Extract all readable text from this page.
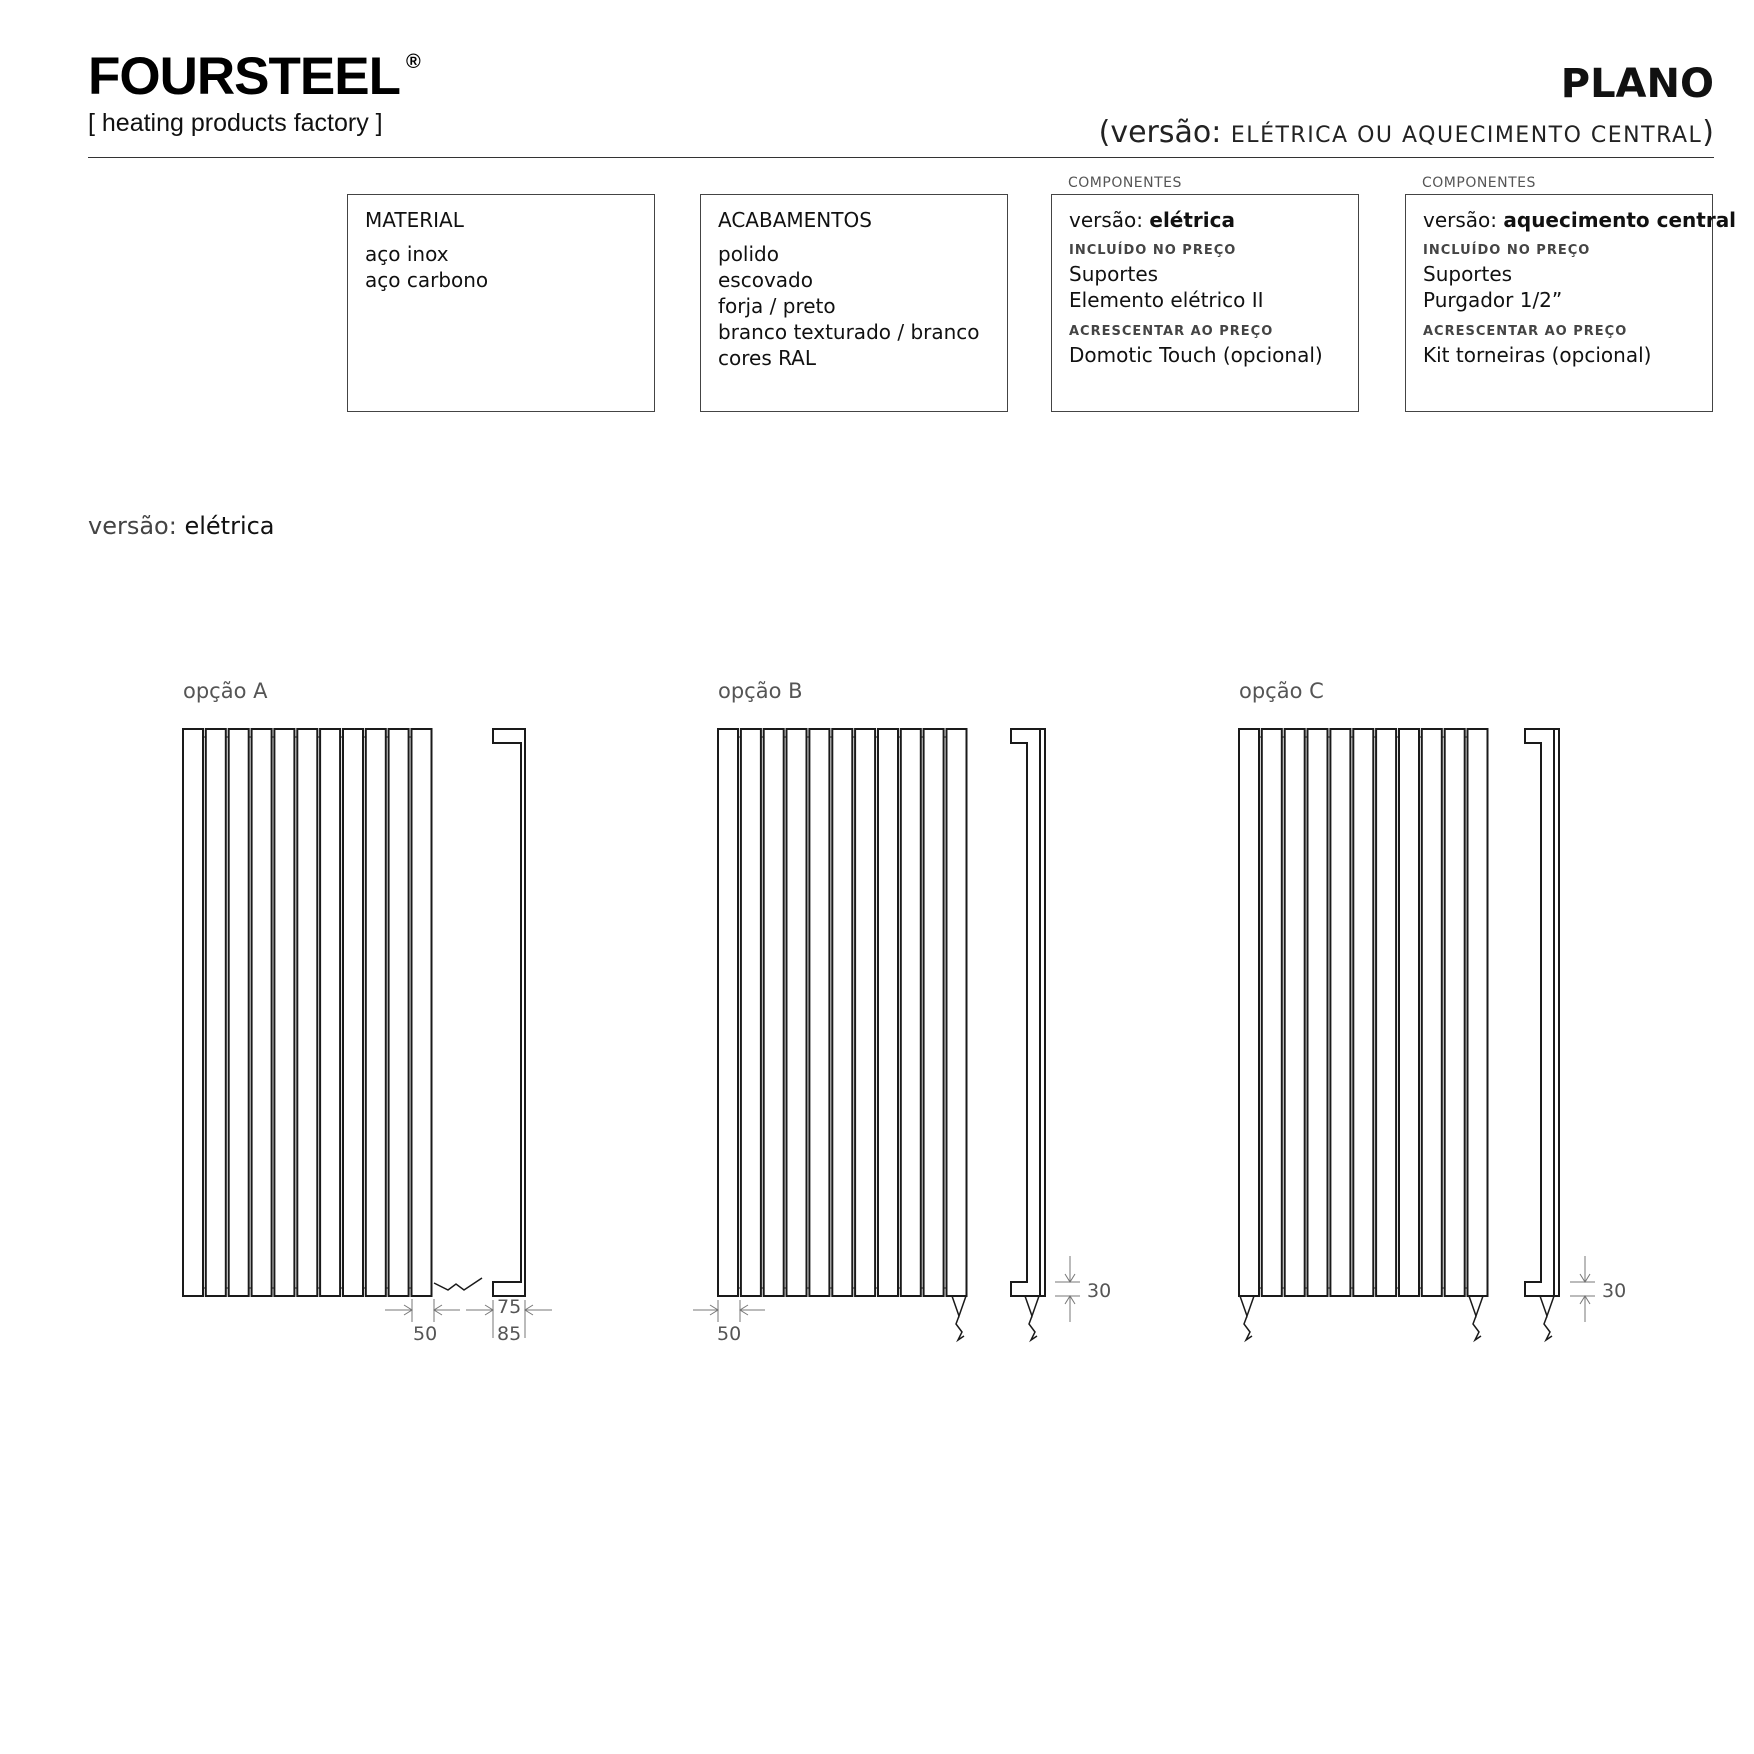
FOURSTEEL ®
[ heating products factory ]
PLANO
(versão: ELÉTRICA OU AQUECIMENTO CENTRAL)
MATERIAL
aço inox
aço carbono
ACABAMENTOS
polido
escovado
forja / preto
branco texturado / branco
cores RAL
COMPONENTES
versão: elétrica
INCLUÍDO NO PREÇO
Suportes
Elemento elétrico II
ACRESCENTAR AO PREÇO
Domotic Touch (opcional)
COMPONENTES
versão: aquecimento central
INCLUÍDO NO PREÇO
Suportes
Purgador 1/2”
ACRESCENTAR AO PREÇO
Kit torneiras (opcional)
versão: elétrica
opção A	opção B	opção C
50
75
85	50
30	30
